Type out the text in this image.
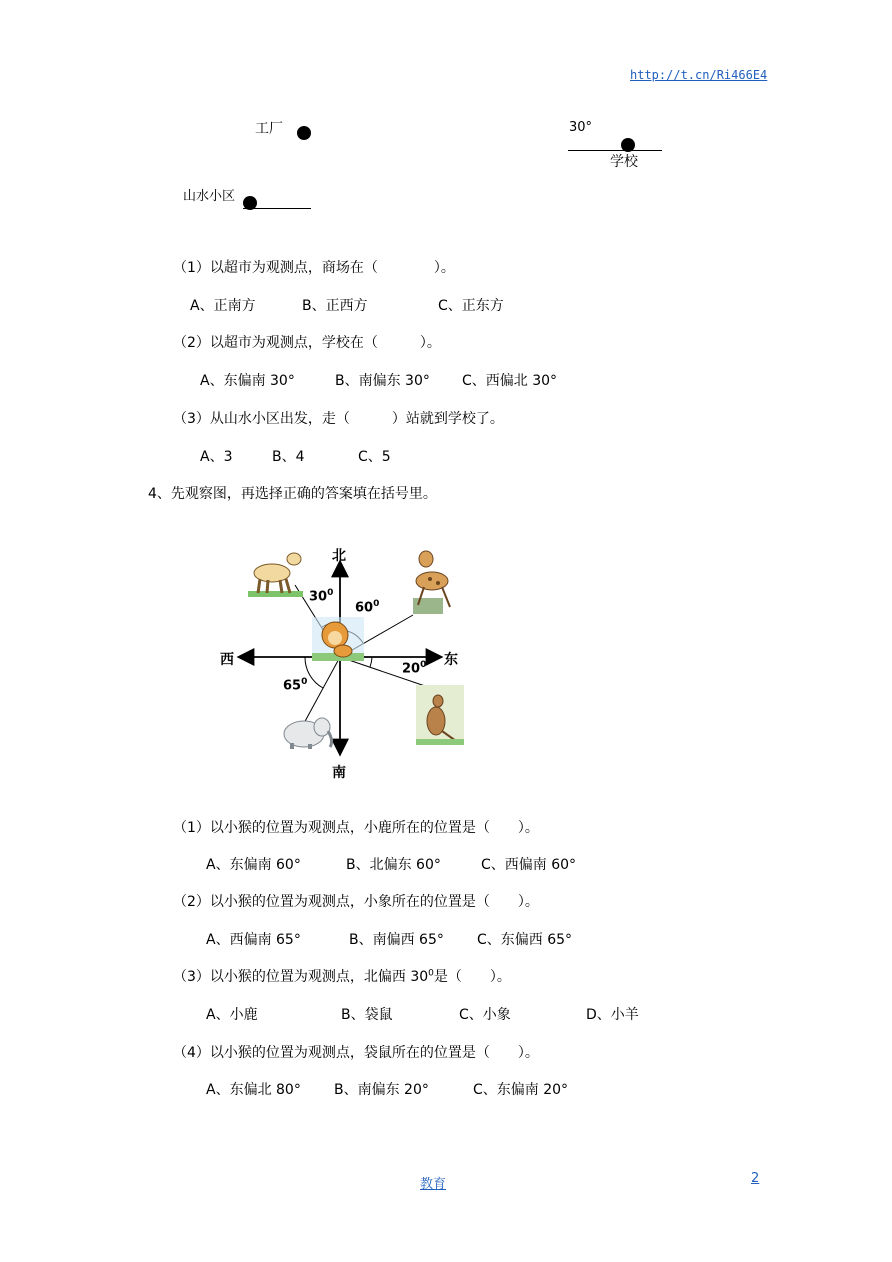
http://t.cn/Ri466E4
工厂
山水小区
30°
学校
（1）以超市为观测点，商场在（　　　　）。
A、正南方	B、正西方	C、正东方
（2）以超市为观测点，学校在（　　　）。
A、东偏南 30°	B、南偏东 30° C、西偏北 30°
（3）从山水小区出发，走（　　　）站就到学校了。
A、3	B、4	C、5
4、先观察图，再选择正确的答案填在括号里。
北
南
西	东
$30^0$
$60^0$
$20^0$
$65^0$
（1）以小猴的位置为观测点，小鹿所在的位置是（　　）。
A、东偏南 60°	B、北偏东 60°	C、西偏南 60°
（2）以小猴的位置为观测点，小象所在的位置是（　　）。
A、西偏南 65°	B、南偏西 65° C、东偏西 65°
（3）以小猴的位置为观测点，北偏西 $30^0$是（　　）。
A、小鹿	B、袋鼠	C、小象	D、小羊
（4）以小猴的位置为观测点，袋鼠所在的位置是（　　）。
A、东偏北 80° B、南偏东 20°	C、东偏南 20°
教育	2
